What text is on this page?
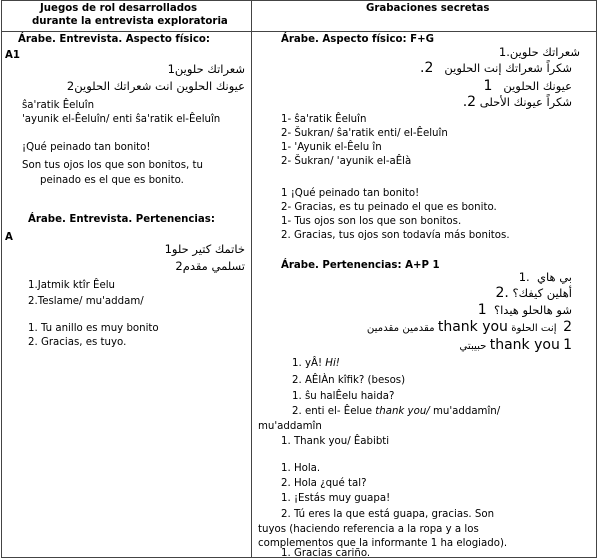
Juegos de rol desarrollados
durante la entrevista exploratoria
Grabaciones secretas
Árabe. Entrevista. Aspecto físico:
A1
شعراتك حلوين1
عيونك الحلوين انت شعراتك الحلوين2
ŝa'ratik Êeluîn
'ayunik el-Êeluîn/ enti ŝa'ratik el-Êeluîn
¡Qué peinado tan bonito!
Son tus ojos los que son bonitos, tu
peinado es el que es bonito.
Árabe. Entrevista. Pertenencias:
A
خاتمك كتير حلو1
تسلمي مقدم2
1.Jatmik ktîr Êelu
2.Teslame/ mu'addam/
1. Tu anillo es muy bonito
2. Gracias, es tuyo.
Árabe. Aspecto físico: F+G
شعراتك حلوين.1
شكراً شعراتك إنت الحلوين   2.
عيونك الحلوين   1
شكراً عيونك الأحلى 2.
1- ŝa'ratik Êeluîn
2- Šukran/ ŝa'ratik enti/ el-Êeluîn
1- 'Ayunik el-Êelu în
2- Šukran/ 'ayunik el-aÊlà
1 ¡Qué peinado tan bonito!
2- Gracias, es tu peinado el que es bonito.
1- Tus ojos son los que son bonitos.
2. Gracias, tus ojos son todavía más bonitos.
Árabe. Pertenencias: A+P 1
بي هاي  .1
أهلين كيفك؟ .2
شو هالحلو هيدا؟  1
2  إنت الحلوة thank you مقدمين مقدمين
1 thank you حبيبتي
1. yÂ! Hi!
2. AÊlÀn kîfik? (besos)
1. ŝu halÊelu haida?
2. enti el- Êelue thank you/ mu'addamîn/
mu'addamîn
1. Thank you/ Êabibti
1. Hola.
2. Hola ¿qué tal?
1. ¡Estás muy guapa!
2. Tú eres la que está guapa, gracias. Son
tuyos (haciendo referencia a la ropa y a los
complementos que la informante 1 ha elogiado).
1. Gracias cariño.
